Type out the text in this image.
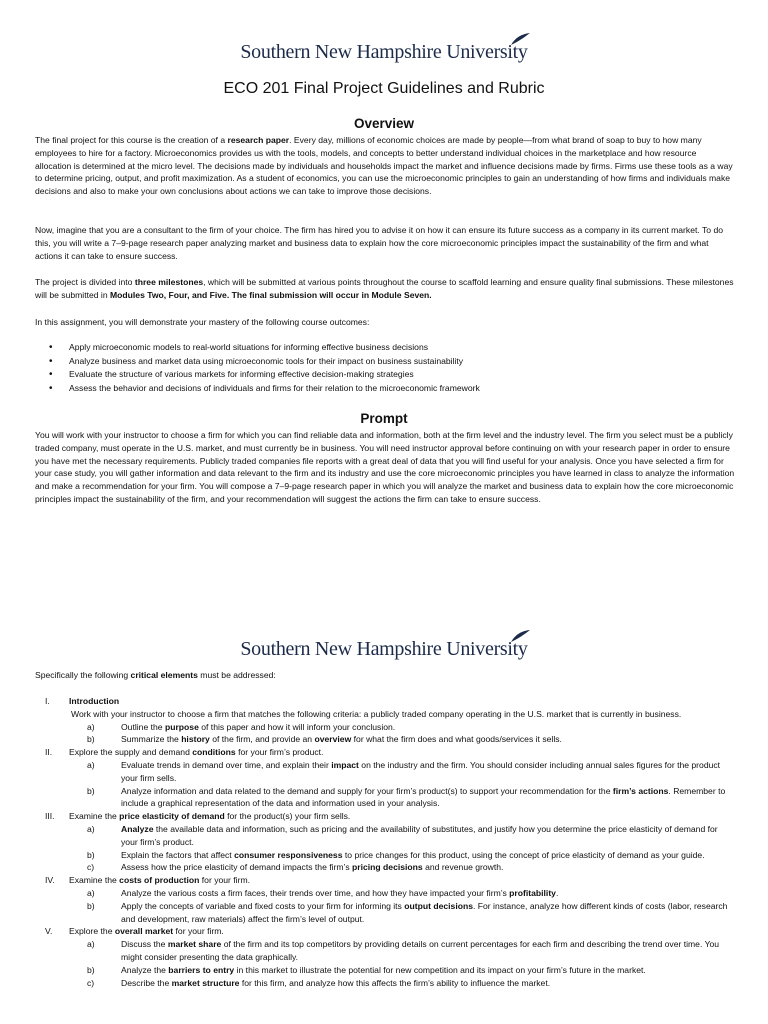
Southern New Hampshire University
ECO 201 Final Project Guidelines and Rubric
Overview

The final project for this course is the creation of a research paper. Every day, millions of economic choices are made by people—from what brand of soap to buy to how many employees to hire for a factory. Microeconomics provides us with the tools, models, and concepts to better understand individual choices in the marketplace and how resource allocation is determined at the micro level. The decisions made by individuals and households impact the market and influence decisions made by firms. Firms use these tools as a way to determine pricing, output, and profit maximization. As a student of economics, you can use the microeconomic principles to gain an understanding of how firms and individuals make decisions and also to make your own conclusions about actions we can take to improve those decisions.

Now, imagine that you are a consultant to the firm of your choice. The firm has hired you to advise it on how it can ensure its future success as a company in its current market. To do this, you will write a 7–9-page research paper analyzing market and business data to explain how the core microeconomic principles impact the sustainability of the firm and what actions it can take to ensure success.

The project is divided into three milestones, which will be submitted at various points throughout the course to scaffold learning and ensure quality final submissions. These milestones will be submitted in Modules Two, Four, and Five. The final submission will occur in Module Seven.

In this assignment, you will demonstrate your mastery of the following course outcomes:

• Apply microeconomic models to real-world situations for informing effective business decisions
• Analyze business and market data using microeconomic tools for their impact on business sustainability
• Evaluate the structure of various markets for informing effective decision-making strategies
• Assess the behavior and decisions of individuals and firms for their relation to the microeconomic framework
Prompt

You will work with your instructor to choose a firm for which you can find reliable data and information, both at the firm level and the industry level. The firm you select must be a publicly traded company, must operate in the U.S. market, and must currently be in business. You will need instructor approval before continuing on with your research paper in order to ensure you have met the necessary requirements. Publicly traded companies file reports with a great deal of data that you will find useful for your analysis. Once you have selected a firm for your case study, you will gather information and data relevant to the firm and its industry and use the core microeconomic principles you have learned in class to analyze the information and make a recommendation for your firm. You will compose a 7–9-page research paper in which you will analyze the market and business data to explain how the core microeconomic principles impact the sustainability of the firm, and your recommendation will suggest the actions the firm can take to ensure success.

Southern New Hampshire University

Specifically the following critical elements must be addressed:

I. Introduction
Work with your instructor to choose a firm that matches the following criteria: a publicly traded company operating in the U.S. market that is currently in business.
a)	Outline the purpose of this paper and how it will inform your conclusion.
b)	Summarize the history of the firm, and provide an overview for what the firm does and what goods/services it sells.
II. Explore the supply and demand conditions for your firm’s product.
a)	Evaluate trends in demand over time, and explain their impact on the industry and the firm. You should consider including annual sales figures for the product your firm sells.
b)	Analyze information and data related to the demand and supply for your firm’s product(s) to support your recommendation for the firm’s actions. Remember to include a graphical representation of the data and information used in your analysis.
III. Examine the price elasticity of demand for the product(s) your firm sells.
a)	Analyze the available data and information, such as pricing and the availability of substitutes, and justify how you determine the price elasticity of demand for your firm’s product.
b)	Explain the factors that affect consumer responsiveness to price changes for this product, using the concept of price elasticity of demand as your guide.
c)	Assess how the price elasticity of demand impacts the firm’s pricing decisions and revenue growth.
IV. Examine the costs of production for your firm.
a)	Analyze the various costs a firm faces, their trends over time, and how they have impacted your firm’s profitability.
b)	Apply the concepts of variable and fixed costs to your firm for informing its output decisions. For instance, analyze how different kinds of costs (labor, research and development, raw materials) affect the firm’s level of output.
V. Explore the overall market for your firm.
a)	Discuss the market share of the firm and its top competitors by providing details on current percentages for each firm and describing the trend over time. You might consider presenting the data graphically.
b)	Analyze the barriers to entry in this market to illustrate the potential for new competition and its impact on your firm’s future in the market.
c)	Describe the market structure for this firm, and analyze how this affects the firm’s ability to influence the market.
